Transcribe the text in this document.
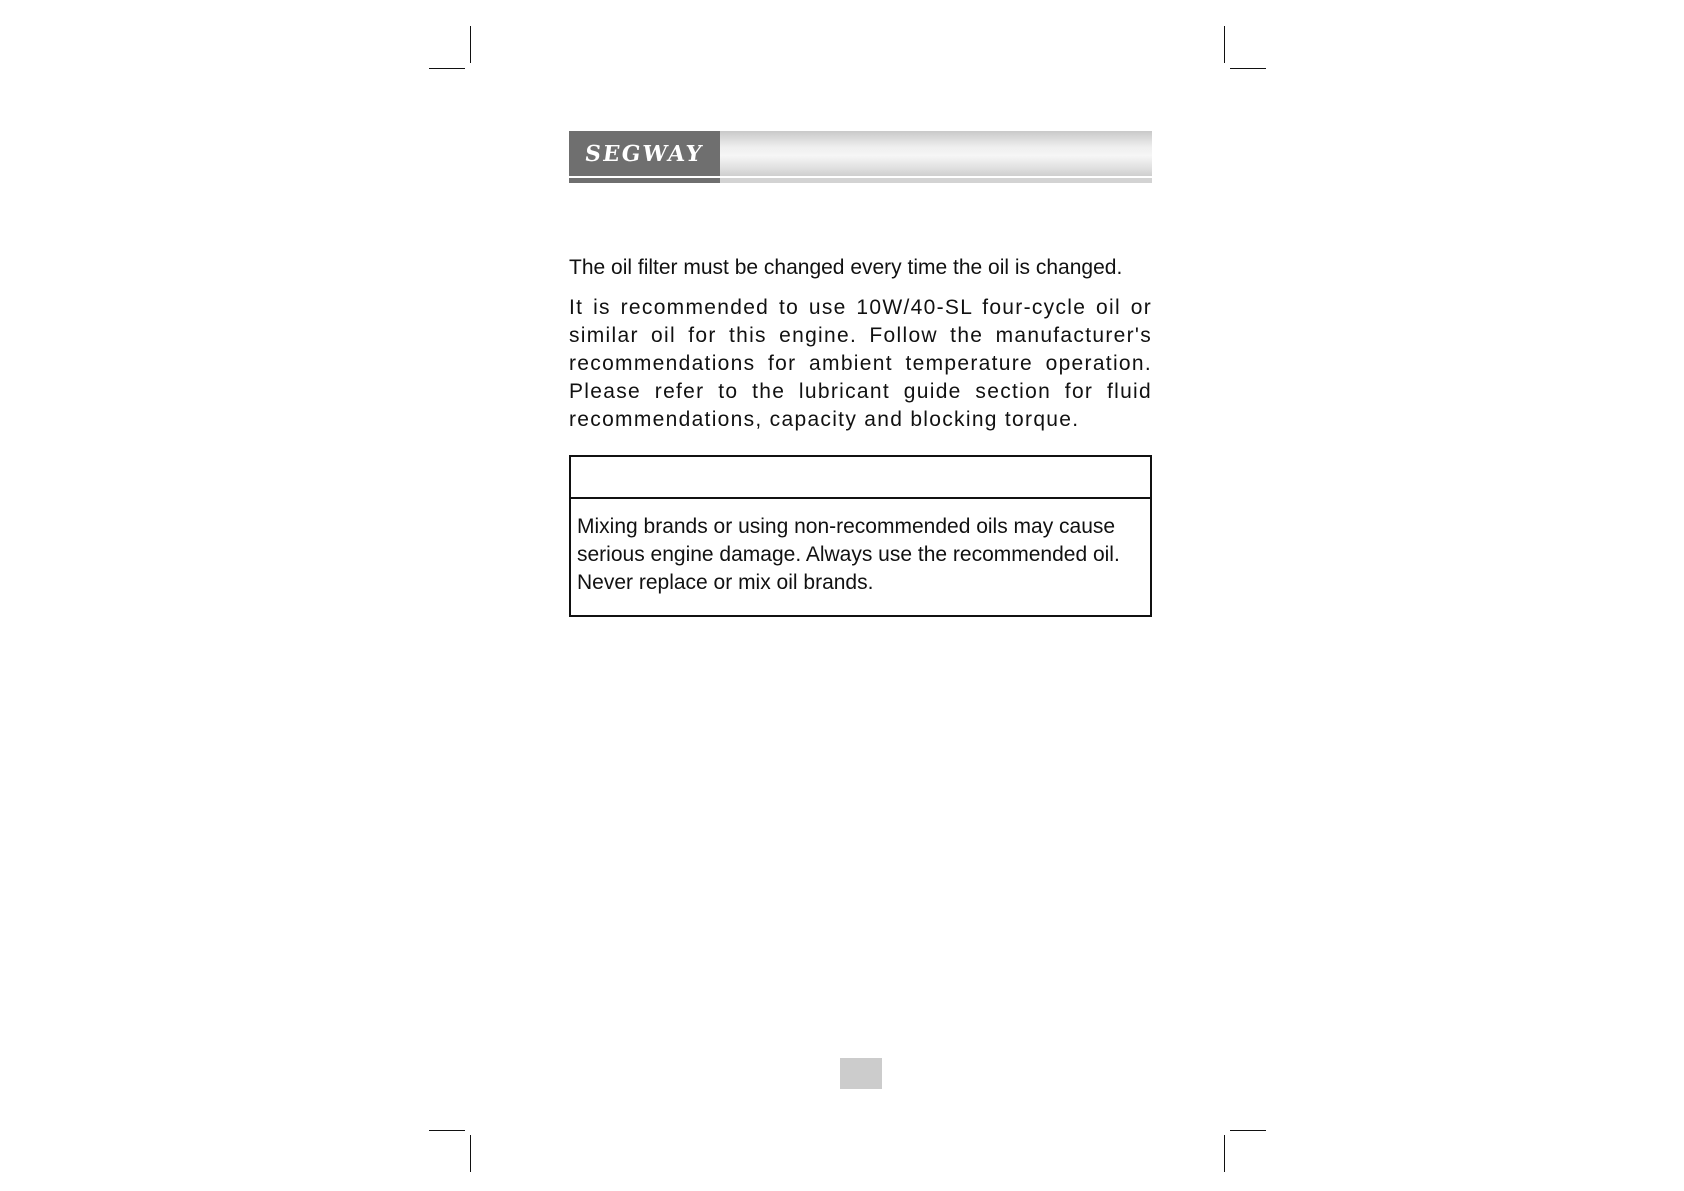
SEGWAY

The oil filter must be changed every time the oil is changed.

It is recommended to use 10W/40-SL four-cycle oil or similar oil for this engine. Follow the manufacturer's recommendations for ambient temperature operation. Please refer to the lubricant guide section for fluid recommendations, capacity and blocking torque.

Mixing brands or using non-recommended oils may cause serious engine damage. Always use the recommended oil. Never replace or mix oil brands.
